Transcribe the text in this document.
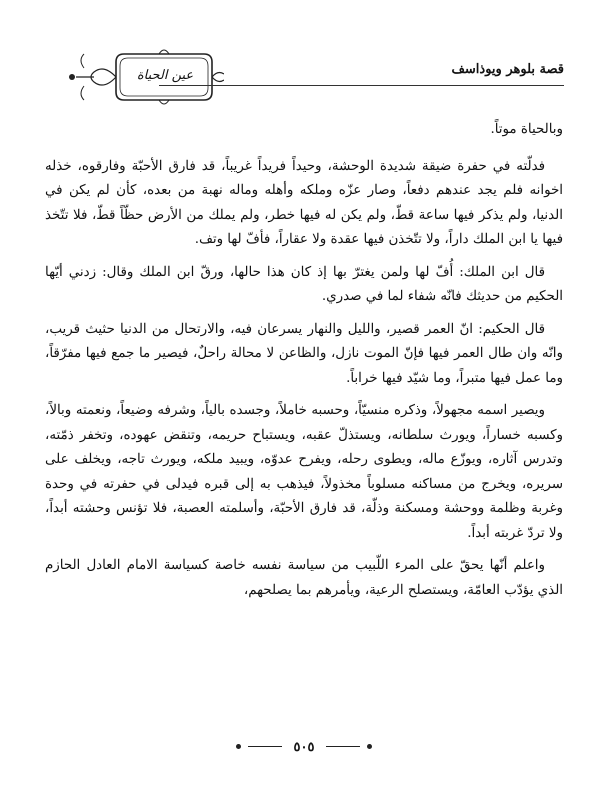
عين الحياة	قصة بلوهر ويوذاسف

وبالحياة موتاً.

فدلّته في حفرة ضيقة شديدة الوحشة، وحيداً فريداً غريباً، قد فارق الأحبّة وفارقوه، خذله اخوانه فلم يجد عندهم دفعاً، وصار عزّه وملكه وأهله وماله نهبة من بعده، كأن لم يكن في الدنيا، ولم يذكر فيها ساعة قطّ، ولم يكن له فيها خطر، ولم يملك من الأرض حظّاً قطّ، فلا تتّخذ فيها يا ابن الملك داراً، ولا تتّخذن فيها عقدة ولا عقاراً، فأفّ لها وتف.

قال ابن الملك: أُفّ لها ولمن يغترّ بها إذ كان هذا حالها، ورقّ ابن الملك وقال: زدني أيّها الحكيم من حديثك فانّه شفاء لما في صدري.

قال الحكيم: انّ العمر قصير، والليل والنهار يسرعان فيه، والارتحال من الدنيا حثيث قريب، وانّه وان طال العمر فيها فإنّ الموت نازل، والظاعن لا محالة راحلٌ، فيصير ما جمع فيها مفرّقاً، وما عمل فيها متبراً، وما شيّد فيها خراباً.

ويصير اسمه مجهولاً، وذكره منسيّاً، وحسبه خاملاً، وجسده بالياً، وشرفه وضيعاً، ونعمته وبالاً، وكسبه خساراً، ويورث سلطانه، ويستذلّ عقبه، ويستباح حريمه، وتنقض عهوده، وتخفر ذمّته، وتدرس آثاره، ويوزّع ماله، ويطوى رحله، ويفرح عدوّه، ويبيد ملكه، ويورث تاجه، ويخلف على سريره، ويخرج من مساكنه مسلوباً مخذولاً، فيذهب به إلى قبره فيدلى في حفرته في وحدة وغربة وظلمة ووحشة ومسكنة وذلّة، قد فارق الأحبّة، وأسلمته العصبة، فلا تؤنس وحشته أبداً، ولا تردّ غربته أبداً.

واعلم أنّها يحقّ على المرء اللّبيب من سياسة نفسه خاصة كسياسة الامام العادل الحازم الذي يؤدّب العامّة، ويستصلح الرعية، ويأمرهم بما يصلحهم،

٥٠٥
